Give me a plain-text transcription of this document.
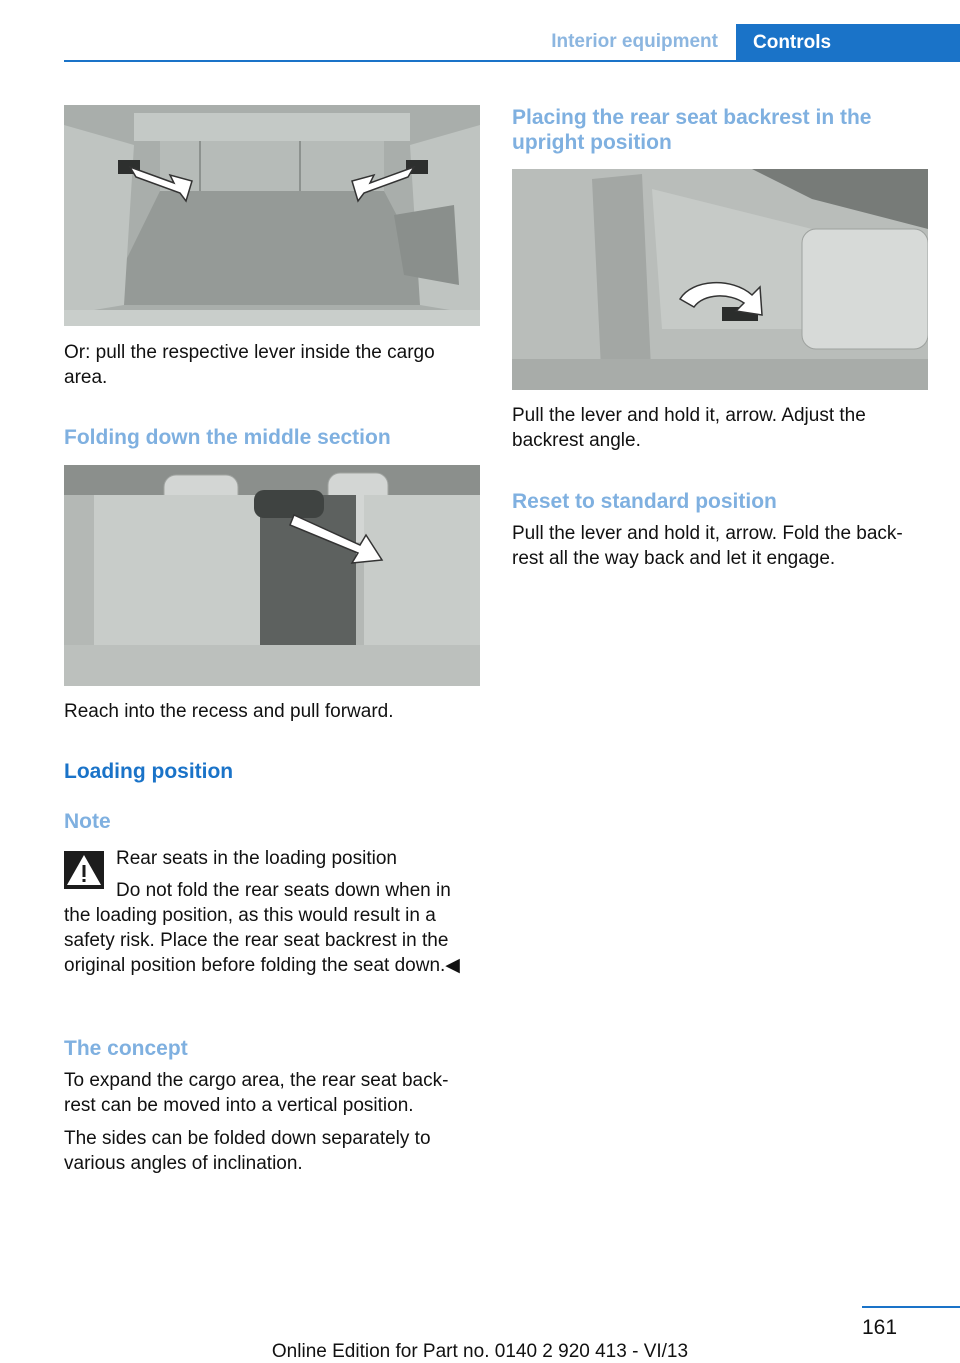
Interior equipment	Controls

Or: pull the respective lever inside the cargo area.

Folding down the middle section

Reach into the recess and pull forward.

Loading position
Note

Rear seats in the loading position

Do not fold the rear seats down when in the loading position, as this would result in a safety risk. Place the rear seat backrest in the original position before folding the seat down.◀

The concept

To expand the cargo area, the rear seat back‐rest can be moved into a vertical position.

The sides can be folded down separately to various angles of inclination.

Placing the rear seat backrest in the upright position

Pull the lever and hold it, arrow. Adjust the backrest angle.

Reset to standard position

Pull the lever and hold it, arrow. Fold the back‐rest all the way back and let it engage.

161
Online Edition for Part no. 0140 2 920 413 - VI/13
